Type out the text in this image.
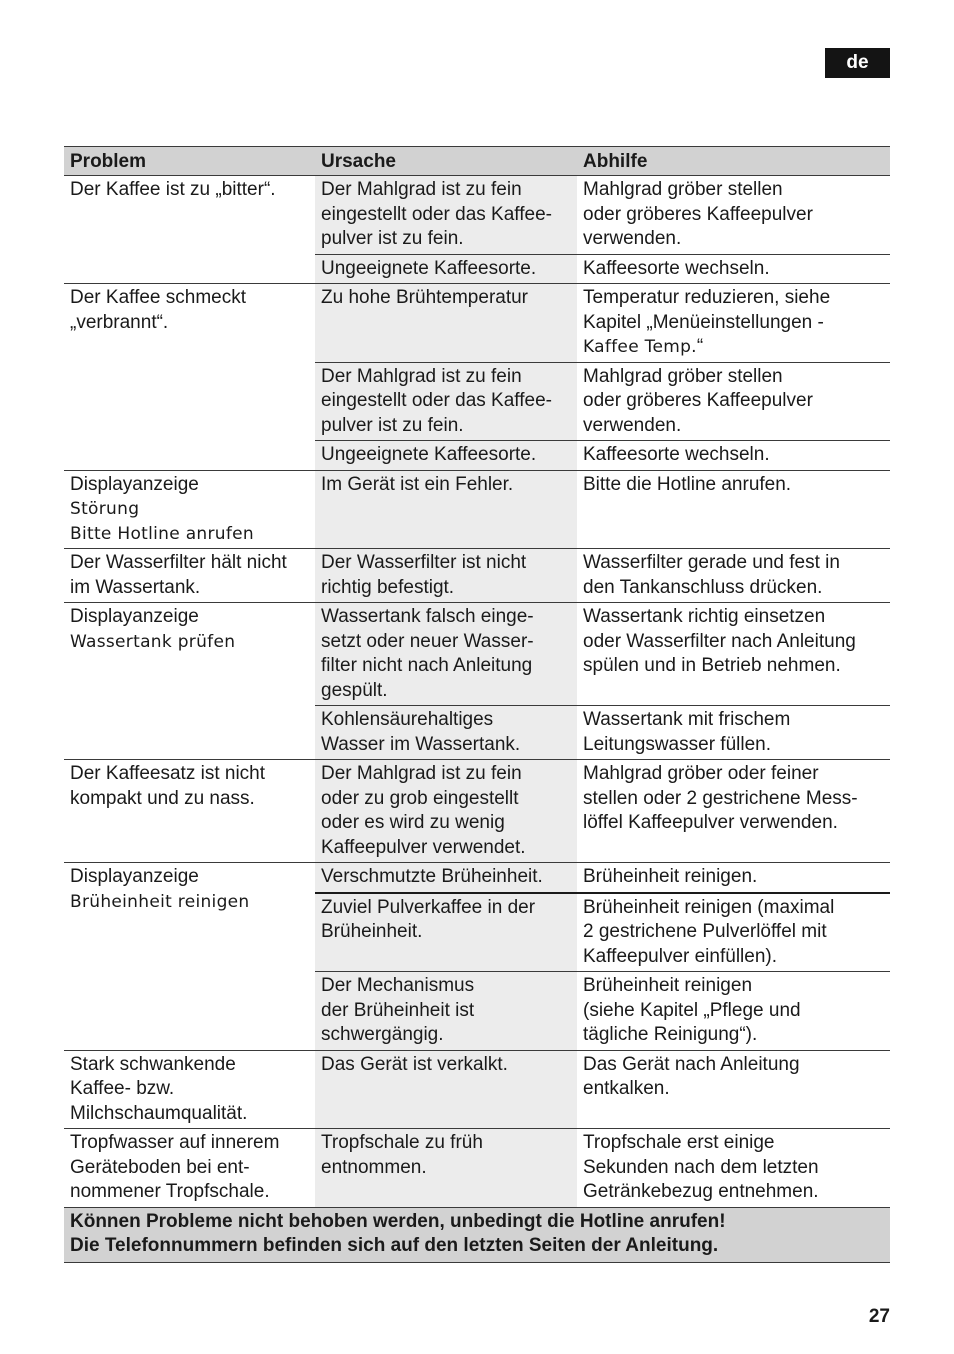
de
Problem	Ursache	Abhilfe

Der Kaffee ist zu „bitter“.	Der Mahlgrad ist zu fein
eingestellt oder das Kaffee-
pulver ist zu fein.	Mahlgrad gröber stellen
oder gröberes Kaffeepulver
verwenden.

	Ungeeignete Kaffeesorte.	Kaffeesorte wechseln.

Der Kaffee schmeckt
„verbrannt“.	Zu hohe Brühtemperatur	Temperatur reduzieren, siehe
Kapitel „Menüeinstellungen -
Kaffee Temp.“

	Der Mahlgrad ist zu fein
eingestellt oder das Kaffee-
pulver ist zu fein.	Mahlgrad gröber stellen
oder gröberes Kaffeepulver
verwenden.

	Ungeeignete Kaffeesorte.	Kaffeesorte wechseln.

Displayanzeige
Störung
Bitte Hotline anrufen	Im Gerät ist ein Fehler.	Bitte die Hotline anrufen.

Der Wasserfilter hält nicht
im Wassertank.	Der Wasserfilter ist nicht
richtig befestigt.	Wasserfilter gerade und fest in
den Tankanschluss drücken.

Displayanzeige
Wassertank prüfen	Wassertank falsch einge-
setzt oder neuer Wasser-
filter nicht nach Anleitung
gespült.	Wassertank richtig einsetzen
oder Wasserfilter nach Anleitung
spülen und in Betrieb nehmen.

	Kohlensäurehaltiges
Wasser im Wassertank.	Wassertank mit frischem
Leitungswasser füllen.

Der Kaffeesatz ist nicht
kompakt und zu nass.	Der Mahlgrad ist zu fein
oder zu grob eingestellt
oder es wird zu wenig
Kaffeepulver verwendet.	Mahlgrad gröber oder feiner
stellen oder 2 gestrichene Mess-
löffel Kaffeepulver verwenden.

Displayanzeige
Brüheinheit reinigen	Verschmutzte Brüheinheit.	Brüheinheit reinigen.

	Zuviel Pulverkaffee in der
Brüheinheit.	Brüheinheit reinigen (maximal
2 gestrichene Pulverlöffel mit
Kaffeepulver einfüllen).

	Der Mechanismus
der Brüheinheit ist
schwergängig.	Brüheinheit reinigen
(siehe Kapitel „Pflege und
tägliche Reinigung“).

Stark schwankende
Kaffee- bzw.
Milchschaumqualität.	Das Gerät ist verkalkt.	Das Gerät nach Anleitung
entkalken.

Tropfwasser auf innerem
Geräteboden bei ent-
nommener Tropfschale.	Tropfschale zu früh
entnommen.	Tropfschale erst einige
Sekunden nach dem letzten
Getränkebezug entnehmen.

Können Probleme nicht behoben werden, unbedingt die Hotline anrufen!
Die Telefonnummern befinden sich auf den letzten Seiten der Anleitung.		
27
